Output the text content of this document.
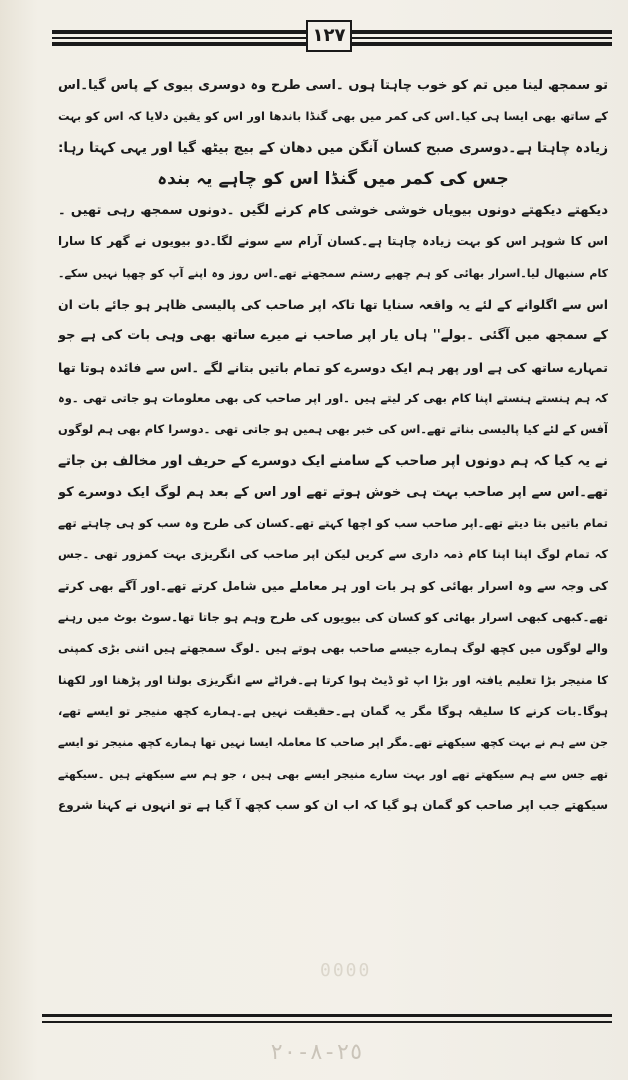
۱۲۷
تو سمجھ لینا میں تم کو خوب چاہتا ہوں ۔اسی طرح وہ دوسری بیوی کے پاس گیا۔اس
کے ساتھ بھی ایسا ہی کیا۔اس کی کمر میں بھی گنڈا باندھا اور اس کو یقین دلایا کہ اس کو بہت
زیادہ چاہتا ہے۔دوسری صبح کسان آنگن میں دھان کے بیچ بیٹھ گیا اور یہی کہتا رہا:
جس کی کمر میں گنڈا اس کو چاہے یہ بندہ
دیکھتے دیکھتے دونوں بیویاں خوشی خوشی کام کرنے لگیں ۔دونوں سمجھ رہی تھیں ۔
اس کا شوہر اس کو بہت زیادہ چاہتا ہے۔کسان آرام سے سونے لگا۔دو بیویوں نے گھر کا سارا
کام سنبھال لیا۔اسرار بھائی کو ہم چھپے رستم سمجھتے تھے۔اس روز وہ اپنے آپ کو چھپا نہیں سکے۔
اس سے اگلوانے کے لئے یہ واقعہ سنایا تھا تاکہ اپر صاحب کی پالیسی ظاہر ہو جائے بات ان
کے سمجھ میں آگئی ۔بولے'' ہاں یار اپر صاحب نے میرے ساتھ بھی وہی بات کی ہے جو
تمہارے ساتھ کی ہے اور پھر ہم ایک دوسرے کو تمام باتیں بتانے لگے ۔اس سے فائدہ ہوتا تھا
کہ ہم ہنستے ہنستے اپنا کام بھی کر لیتے ہیں ۔اور اپر صاحب کی بھی معلومات ہو جاتی تھی ۔وہ
آفس کے لئے کیا پالیسی بناتے تھے۔اس کی خبر بھی ہمیں ہو جاتی تھی ۔دوسرا کام بھی ہم لوگوں
نے یہ کیا کہ ہم دونوں اپر صاحب کے سامنے ایک دوسرے کے حریف اور مخالف بن جاتے
تھے۔اس سے اپر صاحب بہت ہی خوش ہوتے تھے اور اس کے بعد ہم لوگ ایک دوسرے کو
تمام باتیں بتا دیتے تھے۔اپر صاحب سب کو اچھا کہتے تھے۔کسان کی طرح وہ سب کو ہی چاہتے تھے
کہ تمام لوگ اپنا اپنا کام ذمہ داری سے کریں لیکن اپر صاحب کی انگریزی بہت کمزور تھی ۔جس
کی وجہ سے وہ اسرار بھائی کو ہر بات اور ہر معاملے میں شامل کرتے تھے۔اور آگے بھی کرتے
تھے۔کبھی کبھی اسرار بھائی کو کسان کی بیویوں کی طرح وہم ہو جاتا تھا۔سوٹ بوٹ میں رہنے
والے لوگوں میں کچھ لوگ ہمارے جیسے صاحب بھی ہوتے ہیں ۔لوگ سمجھتے ہیں اتنی بڑی کمپنی
کا منیجر بڑا تعلیم یافتہ اور بڑا اپ ٹو ڈیٹ ہوا کرتا ہے۔فراٹے سے انگریزی بولنا اور پڑھنا اور لکھنا
ہوگا۔بات کرنے کا سلیقہ ہوگا مگر یہ گمان ہے۔حقیقت نہیں ہے۔ہمارے کچھ منیجر تو ایسے تھے،
جن سے ہم نے بہت کچھ سیکھتے تھے۔مگر اپر صاحب کا معاملہ ایسا نہیں تھا ہمارے کچھ منیجر تو ایسے
تھے جس سے ہم سیکھتے تھے اور بہت سارے منیجر ایسے بھی ہیں ، جو ہم سے سیکھتے ہیں ۔سیکھتے
سیکھتے جب اپر صاحب کو گمان ہو گیا کہ اب ان کو سب کچھ آ گیا ہے تو انہوں نے کہنا شروع
0000
٢٥-٨-٢٠
